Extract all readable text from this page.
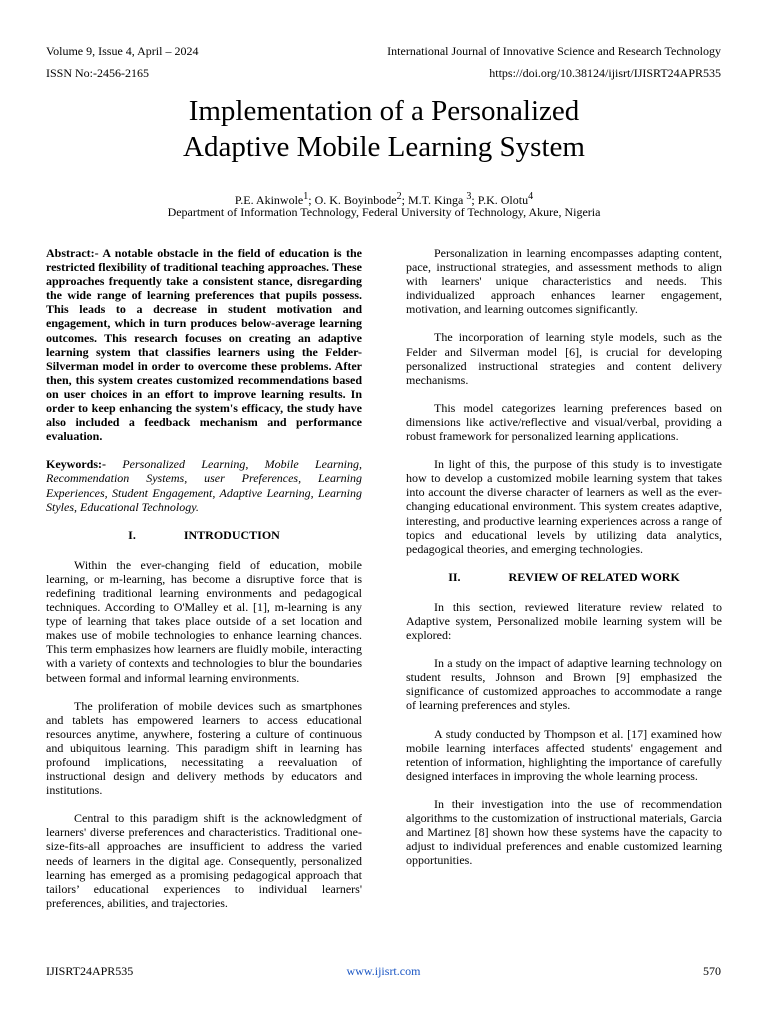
Volume 9, Issue 4, April – 2024	International Journal of Innovative Science and Research Technology
ISSN No:-2456-2165	https://doi.org/10.38124/ijisrt/IJISRT24APR535
Implementation of a Personalized
Adaptive Mobile Learning System
P.E. Akinwole$^1$; O. K. Boyinbode$^2$; M.T. Kinga $^3$; P.K. Olotu$^4$
Department of Information Technology, Federal University of Technology, Akure, Nigeria

Abstract:- A notable obstacle in the field of education is the restricted flexibility of traditional teaching approaches. These approaches frequently take a consistent stance, disregarding the wide range of learning preferences that pupils possess. This leads to a decrease in student motivation and engagement, which in turn produces below-average learning outcomes. This research focuses on creating an adaptive learning system that classifies learners using the Felder-Silverman model in order to overcome these problems. After then, this system creates customized recommendations based on user choices in an effort to improve learning results. In order to keep enhancing the system's efficacy, the study have also included a feedback mechanism and performance evaluation.

Keywords:- Personalized Learning, Mobile Learning, Recommendation Systems, user Preferences, Learning Experiences, Student Engagement, Adaptive Learning, Learning Styles, Educational Technology.

I.	INTRODUCTION

Within the ever-changing field of education, mobile learning, or m-learning, has become a disruptive force that is redefining traditional learning environments and pedagogical techniques. According to O'Malley et al. [1], m-learning is any type of learning that takes place outside of a set location and makes use of mobile technologies to enhance learning chances. This term emphasizes how learners are fluidly mobile, interacting with a variety of contexts and technologies to blur the boundaries between formal and informal learning environments.

The proliferation of mobile devices such as smartphones and tablets has empowered learners to access educational resources anytime, anywhere, fostering a culture of continuous and ubiquitous learning. This paradigm shift in learning has profound implications, necessitating a reevaluation of instructional design and delivery methods by educators and institutions.

Central to this paradigm shift is the acknowledgment of learners' diverse preferences and characteristics. Traditional one-size-fits-all approaches are insufficient to address the varied needs of learners in the digital age. Consequently, personalized learning has emerged as a promising pedagogical approach that tailors’ educational experiences to individual learners' preferences, abilities, and trajectories.

Personalization in learning encompasses adapting content, pace, instructional strategies, and assessment methods to align with learners' unique characteristics and needs. This individualized approach enhances learner engagement, motivation, and learning outcomes significantly.

The incorporation of learning style models, such as the Felder and Silverman model [6], is crucial for developing personalized instructional strategies and content delivery mechanisms.

This model categorizes learning preferences based on dimensions like active/reflective and visual/verbal, providing a robust framework for personalized learning applications.

In light of this, the purpose of this study is to investigate how to develop a customized mobile learning system that takes into account the diverse character of learners as well as the ever-changing educational environment. This system creates adaptive, interesting, and productive learning experiences across a range of topics and educational levels by utilizing data analytics, pedagogical theories, and emerging technologies.

II.	REVIEW OF RELATED WORK

In this section, reviewed literature review related to Adaptive system, Personalized mobile learning system will be explored:

In a study on the impact of adaptive learning technology on student results, Johnson and Brown [9] emphasized the significance of customized approaches to accommodate a range of learning preferences and styles.

A study conducted by Thompson et al. [17] examined how mobile learning interfaces affected students' engagement and retention of information, highlighting the importance of carefully designed interfaces in improving the whole learning process.

In their investigation into the use of recommendation algorithms to the customization of instructional materials, Garcia and Martinez [8] shown how these systems have the capacity to adjust to individual preferences and enable customized learning opportunities.

IJISRT24APR535	www.ijisrt.com	570
